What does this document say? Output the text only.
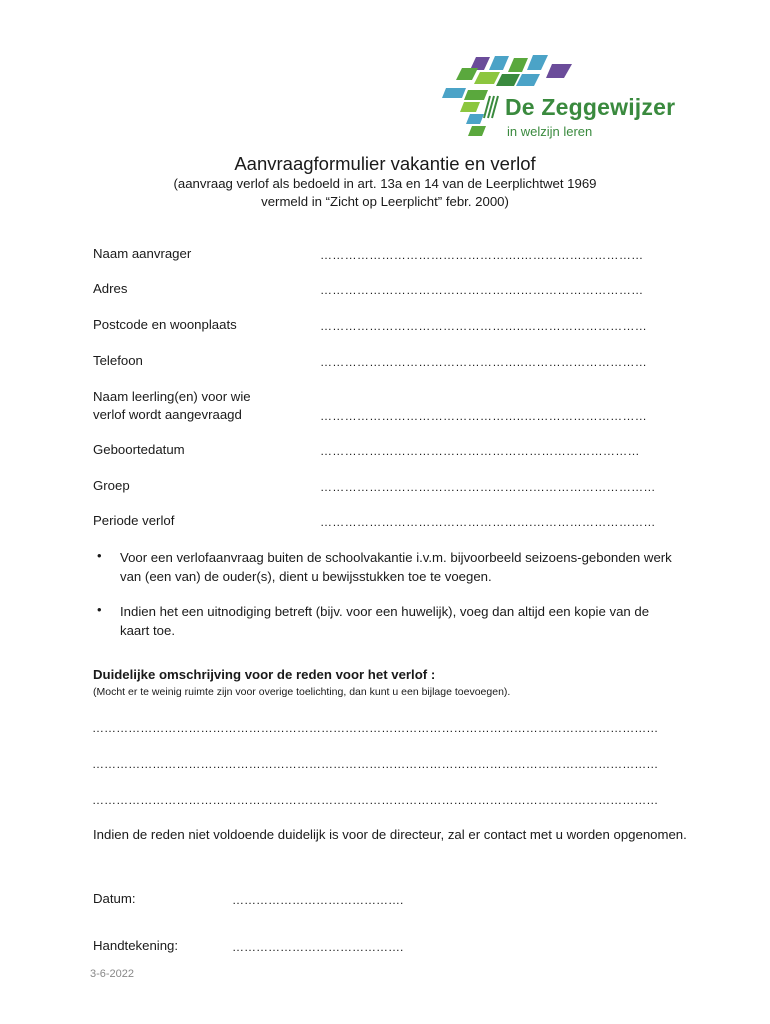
De Zeggewijzer
in welzijn leren
Aanvraagformulier vakantie en verlof
(aanvraag verlof als bedoeld in art. 13a en 14 van de Leerplichtwet 1969
vermeld in “Zicht op Leerplicht” febr. 2000)
Naam aanvrager	………………………………………….…………………………
Adres	………………………………………….…………………………
Postcode en woonplaats	…………………………………………..…………………………
Telefoon	…………………………………………..…………………………
Naam leerling(en) voor wie
verlof wordt aangevraagd	…………………………………………..…………………………
Geboortedatum	……………………………………………………………………
Groep	…………………………………………….…………………………
Periode verlof	…………………………………………….…………………………
• Voor een verlofaanvraag buiten de schoolvakantie i.v.m. bijvoorbeeld seizoens-gebonden werk van (een van) de ouder(s), dient u bewijsstukken toe te voegen.
• Indien het een uitnodiging betreft (bijv. voor een huwelijk), voeg dan altijd een kopie van de kaart toe.
Duidelijke omschrijving voor de reden voor het verlof :
(Mocht er te weinig ruimte zijn voor overige toelichting, dan kunt u een bijlage toevoegen).
……………………………………………………………………………………………………………………………
……………………………………………………………………………………………………………………………
……………………………………………………………………………………………………………………………
Indien de reden niet voldoende duidelijk is voor de directeur, zal er contact met u worden opgenomen.
Datum:	…………………………………….
Handtekening:	…………………………………….
3-6-2022
